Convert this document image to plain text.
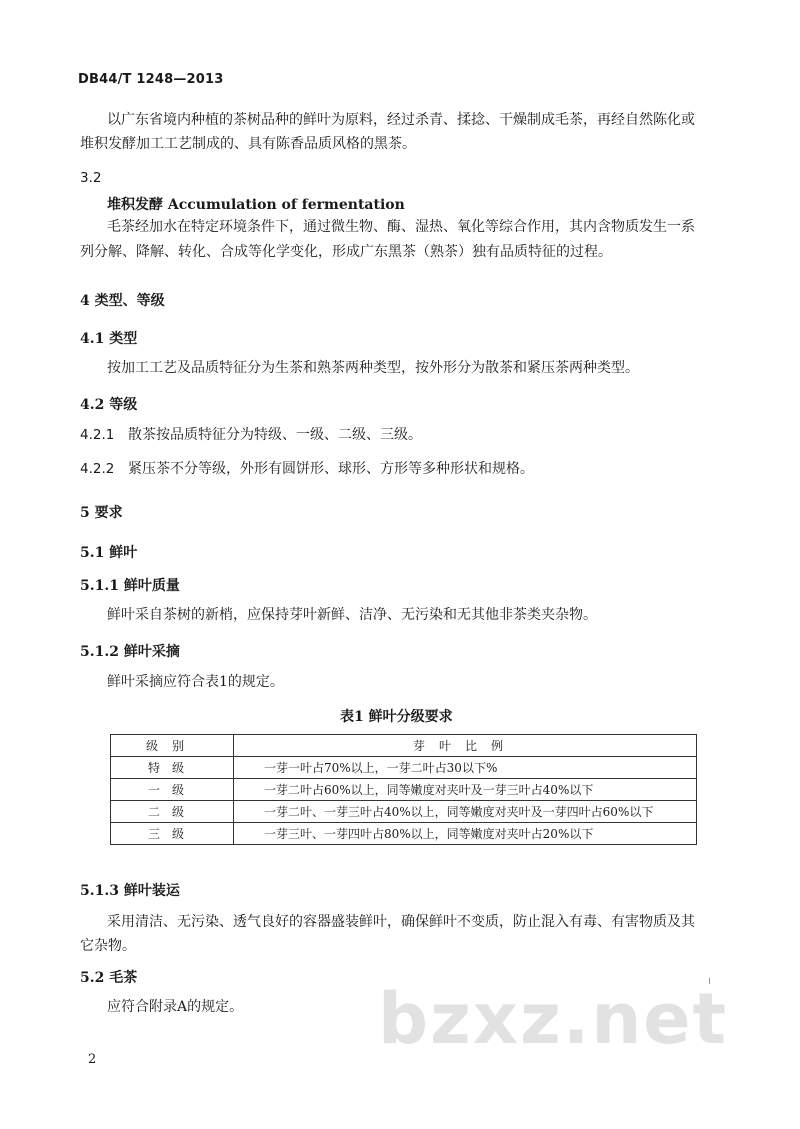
DB44/T 1248—2013
以广东省境内种植的茶树品种的鲜叶为原料，经过杀青、揉捻、干燥制成毛茶，再经自然陈化或
堆积发酵加工工艺制成的、具有陈香品质风格的黑茶。
3.2
堆积发酵 Accumulation of fermentation
毛茶经加水在特定环境条件下，通过微生物、酶、湿热、氧化等综合作用，其内含物质发生一系
列分解、降解、转化、合成等化学变化，形成广东黑茶（熟茶）独有品质特征的过程。
4 类型、等级
4.1 类型
按加工工艺及品质特征分为生茶和熟茶两种类型，按外形分为散茶和紧压茶两种类型。
4.2 等级
4.2.1 散茶按品质特征分为特级、一级、二级、三级。
4.2.2 紧压茶不分等级，外形有圆饼形、球形、方形等多种形状和规格。
5 要求
5.1 鲜叶
5.1.1 鲜叶质量
鲜叶采自茶树的新梢，应保持芽叶新鲜、洁净、无污染和无其他非茶类夹杂物。
5.1.2 鲜叶采摘
鲜叶采摘应符合表1的规定。
表1 鲜叶分级要求
级别	芽叶比例
特级	一芽一叶占70%以上，一芽二叶占30以下%
一级	一芽二叶占60%以上，同等嫩度对夹叶及一芽三叶占40%以下
二级	一芽二叶、一芽三叶占40%以上，同等嫩度对夹叶及一芽四叶占60%以下
三级	一芽三叶、一芽四叶占80%以上，同等嫩度对夹叶占20%以下
5.1.3 鲜叶装运
采用清洁、无污染、透气良好的容器盛装鲜叶，确保鲜叶不变质，防止混入有毒、有害物质及其
它杂物。
5.2 毛茶
应符合附录A的规定。 bzxz.net
2
